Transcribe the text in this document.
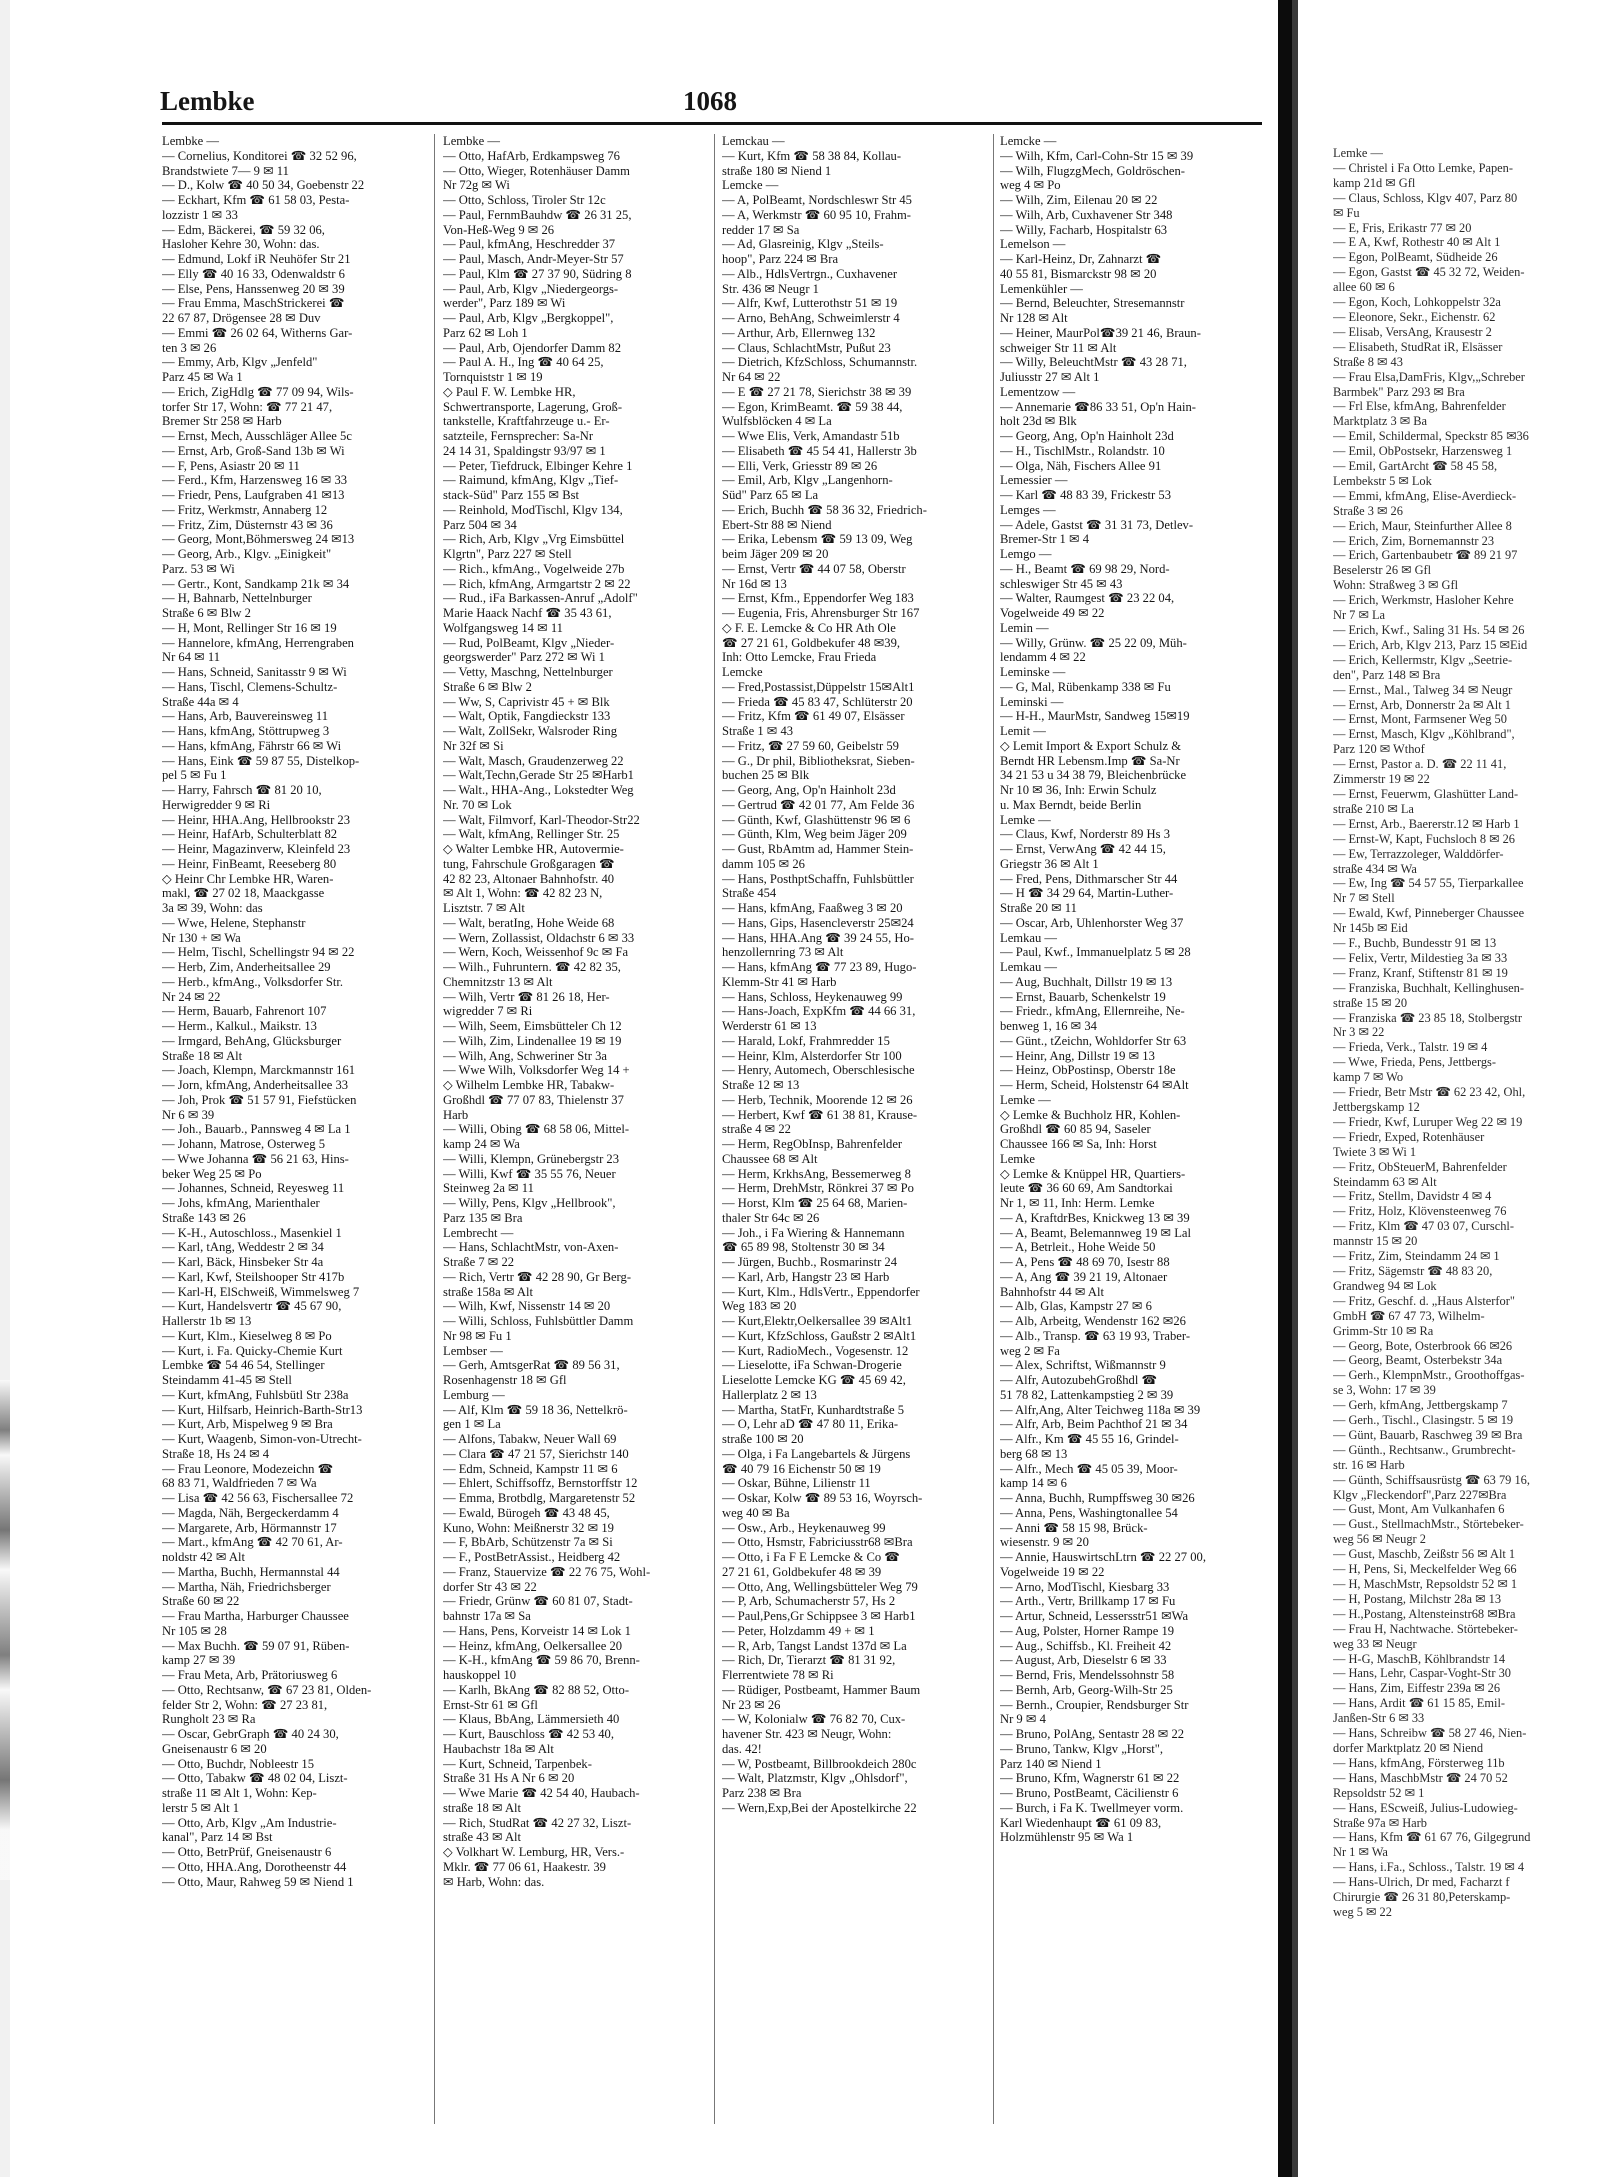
Lembke	1068
Lembke —
— Cornelius, Konditorei ☎ 32 52 96,
Brandstwiete 7— 9 ✉ 11
— D., Kolw ☎ 40 50 34, Goebenstr 22
— Eckhart, Kfm ☎ 61 58 03, Pesta-
lozzistr 1 ✉ 33
— Edm, Bäckerei, ☎ 59 32 06,
Hasloher Kehre 30, Wohn: das.
— Edmund, Lokf iR Neuhöfer Str 21
— Elly ☎ 40 16 33, Odenwaldstr 6
— Else, Pens, Hanssenweg 20 ✉ 39
— Frau Emma, MaschStrickerei ☎
22 67 87, Drögensee 28 ✉ Duv
— Emmi ☎ 26 02 64, Witherns Gar-
ten 3 ✉ 26
— Emmy, Arb, Klgv „Jenfeld"
Parz 45 ✉ Wa 1
— Erich, ZigHdlg ☎ 77 09 94, Wils-
torfer Str 17, Wohn: ☎ 77 21 47,
Bremer Str 258 ✉ Harb
— Ernst, Mech, Ausschläger Allee 5c
— Ernst, Arb, Groß-Sand 13b ✉ Wi
— F, Pens, Asiastr 20 ✉ 11
— Ferd., Kfm, Harzensweg 16 ✉ 33
— Friedr, Pens, Laufgraben 41 ✉13
— Fritz, Werkmstr, Annaberg 12
— Fritz, Zim, Düsternstr 43 ✉ 36
— Georg, Mont,Böhmersweg 24 ✉13
— Georg, Arb., Klgv. „Einigkeit"
Parz. 53 ✉ Wi
— Gertr., Kont, Sandkamp 21k ✉ 34
— H, Bahnarb, Nettelnburger
Straße 6 ✉ Blw 2
— H, Mont, Rellinger Str 16 ✉ 19
— Hannelore, kfmAng, Herrengraben
Nr 64 ✉ 11
— Hans, Schneid, Sanitasstr 9 ✉ Wi
— Hans, Tischl, Clemens-Schultz-
Straße 44a ✉ 4
— Hans, Arb, Bauvereinsweg 11
— Hans, kfmAng, Stöttrupweg 3
— Hans, kfmAng, Fährstr 66 ✉ Wi
— Hans, Eink ☎ 59 87 55, Distelkop-
pel 5 ✉ Fu 1
— Harry, Fahrsch ☎ 81 20 10,
Herwigredder 9 ✉ Ri
— Heinr, HHA.Ang, Hellbrookstr 23
— Heinr, HafArb, Schulterblatt 82
— Heinr, Magazinverw, Kleinfeld 23
— Heinr, FinBeamt, Reeseberg 80
◇ Heinr Chr Lembke HR, Waren-
makl, ☎ 27 02 18, Maackgasse
3a ✉ 39, Wohn: das
— Wwe, Helene, Stephanstr
Nr 130 + ✉ Wa
— Helm, Tischl, Schellingstr 94 ✉ 22
— Herb, Zim, Anderheitsallee 29
— Herb., kfmAng., Volksdorfer Str.
Nr 24 ✉ 22
— Herm, Bauarb, Fahrenort 107
— Herm., Kalkul., Maikstr. 13
— Irmgard, BehAng, Glücksburger
Straße 18 ✉ Alt
— Joach, Klempn, Marckmannstr 161
— Jorn, kfmAng, Anderheitsallee 33
— Joh, Prok ☎ 51 57 91, Fiefstücken
Nr 6 ✉ 39
— Joh., Bauarb., Pannsweg 4 ✉ La 1
— Johann, Matrose, Osterweg 5
— Wwe Johanna ☎ 56 21 63, Hins-
beker Weg 25 ✉ Po
— Johannes, Schneid, Reyesweg 11
— Johs, kfmAng, Marienthaler
Straße 143 ✉ 26
— K-H., Autoschloss., Masenkiel 1
— Karl, tAng, Weddestr 2 ✉ 34
— Karl, Bäck, Hinsbeker Str 4a
— Karl, Kwf, Steilshooper Str 417b
— Karl-H, ElSchweiß, Wimmelsweg 7
— Kurt, Handelsvertr ☎ 45 67 90,
Hallerstr 1b ✉ 13
— Kurt, Klm., Kieselweg 8 ✉ Po
— Kurt, i. Fa. Quicky-Chemie Kurt
Lembke ☎ 54 46 54, Stellinger
Steindamm 41-45 ✉ Stell
— Kurt, kfmAng, Fuhlsbütl Str 238a
— Kurt, Hilfsarb, Heinrich-Barth-Str13
— Kurt, Arb, Mispelweg 9 ✉ Bra
— Kurt, Waagenb, Simon-von-Utrecht-
Straße 18, Hs 24 ✉ 4
— Frau Leonore, Modezeichn ☎
68 83 71, Waldfrieden 7 ✉ Wa
— Lisa ☎ 42 56 63, Fischersallee 72
— Magda, Näh, Bergeckerdamm 4
— Margarete, Arb, Hörmannstr 17
— Mart., kfmAng ☎ 42 70 61, Ar-
noldstr 42 ✉ Alt
— Martha, Buchh, Hermannstal 44
— Martha, Näh, Friedrichsberger
Straße 60 ✉ 22
— Frau Martha, Harburger Chaussee
Nr 105 ✉ 28
— Max Buchh. ☎ 59 07 91, Rüben-
kamp 27 ✉ 39
— Frau Meta, Arb, Prätoriusweg 6
— Otto, Rechtsanw, ☎ 67 23 81, Olden-
felder Str 2, Wohn: ☎ 27 23 81,
Rungholt 23 ✉ Ra
— Oscar, GebrGraph ☎ 40 24 30,
Gneisenaustr 6 ✉ 20
— Otto, Buchdr, Nobleestr 15
— Otto, Tabakw ☎ 48 02 04, Liszt-
straße 11 ✉ Alt 1, Wohn: Kep-
lerstr 5 ✉ Alt 1
— Otto, Arb, Klgv „Am Industrie-
kanal", Parz 14 ✉ Bst
— Otto, BetrPrüf, Gneisenaustr 6
— Otto, HHA.Ang, Dorotheenstr 44
— Otto, Maur, Rahweg 59 ✉ Niend 1
Lembke —
— Otto, HafArb, Erdkampsweg 76
— Otto, Wieger, Rotenhäuser Damm
Nr 72g ✉ Wi
— Otto, Schloss, Tiroler Str 12c
— Paul, FernmBauhdw ☎ 26 31 25,
Von-Heß-Weg 9 ✉ 26
— Paul, kfmAng, Heschredder 37
— Paul, Masch, Andr-Meyer-Str 57
— Paul, Klm ☎ 27 37 90, Südring 8
— Paul, Arb, Klgv „Niedergeorgs-
werder", Parz 189 ✉ Wi
— Paul, Arb, Klgv „Bergkoppel",
Parz 62 ✉ Loh 1
— Paul, Arb, Ojendorfer Damm 82
— Paul A. H., Ing ☎ 40 64 25,
Tornquiststr 1 ✉ 19
◇ Paul F. W. Lembke HR,
Schwertransporte, Lagerung, Groß-
tankstelle, Kraftfahrzeuge u.- Er-
satzteile, Fernsprecher: Sa-Nr
24 14 31, Spaldingstr 93/97 ✉ 1
— Peter, Tiefdruck, Elbinger Kehre 1
— Raimund, kfmAng, Klgv „Tief-
stack-Süd" Parz 155 ✉ Bst
— Reinhold, ModTischl, Klgv 134,
Parz 504 ✉ 34
— Rich, Arb, Klgv „Vrg Eimsbüttel
Klgrtn", Parz 227 ✉ Stell
— Rich., kfmAng., Vogelweide 27b
— Rich, kfmAng, Armgartstr 2 ✉ 22
— Rud., iFa Barkassen-Anruf „Adolf"
Marie Haack Nachf ☎ 35 43 61,
Wolfgangsweg 14 ✉ 11
— Rud, PolBeamt, Klgv „Nieder-
georgswerder" Parz 272 ✉ Wi 1
— Vetty, Maschng, Nettelnburger
Straße 6 ✉ Blw 2
— Ww, S, Caprivistr 45 + ✉ Blk
— Walt, Optik, Fangdieckstr 133
— Walt, ZollSekr, Walsroder Ring
Nr 32f ✉ Si
— Walt, Masch, Graudenzerweg 22
— Walt,Techn,Gerade Str 25 ✉Harb1
— Walt., HHA-Ang., Lokstedter Weg
Nr. 70 ✉ Lok
— Walt, Filmvorf, Karl-Theodor-Str22
— Walt, kfmAng, Rellinger Str. 25
◇ Walter Lembke HR, Autovermie-
tung, Fahrschule Großgaragen ☎
42 82 23, Altonaer Bahnhofstr. 40
✉ Alt 1, Wohn: ☎ 42 82 23 N,
Lisztstr. 7 ✉ Alt
— Walt, beratIng, Hohe Weide 68
— Wern, Zollassist, Oldachstr 6 ✉ 33
— Wern, Koch, Weissenhof 9c ✉ Fa
— Wilh., Fuhruntern. ☎ 42 82 35,
Chemnitzstr 13 ✉ Alt
— Wilh, Vertr ☎ 81 26 18, Her-
wigredder 7 ✉ Ri
— Wilh, Seem, Eimsbütteler Ch 12
— Wilh, Zim, Lindenallee 19 ✉ 19
— Wilh, Ang, Schweriner Str 3a
— Wwe Wilh, Volksdorfer Weg 14 +
◇ Wilhelm Lembke HR, Tabakw-
Großhdl ☎ 77 07 83, Thielenstr 37
Harb
— Willi, Obing ☎ 68 58 06, Mittel-
kamp 24 ✉ Wa
— Willi, Klempn, Grünebergstr 23
— Willi, Kwf ☎ 35 55 76, Neuer
Steinweg 2a ✉ 11
— Willy, Pens, Klgv „Hellbrook",
Parz 135 ✉ Bra
Lembrecht —
— Hans, SchlachtMstr, von-Axen-
Straße 7 ✉ 22
— Rich, Vertr ☎ 42 28 90, Gr Berg-
straße 158a ✉ Alt
— Wilh, Kwf, Nissenstr 14 ✉ 20
— Willi, Schloss, Fuhlsbüttler Damm
Nr 98 ✉ Fu 1
Lembser —
— Gerh, AmtsgerRat ☎ 89 56 31,
Rosenhagenstr 18 ✉ Gfl
Lemburg —
— Alf, Klm ☎ 59 18 36, Nettelkrö-
gen 1 ✉ La
— Alfons, Tabakw, Neuer Wall 69
— Clara ☎ 47 21 57, Sierichstr 140
— Edm, Schneid, Kampstr 11 ✉ 6
— Ehlert, Schiffsoffz, Bernstorffstr 12
— Emma, Brotbdlg, Margaretenstr 52
— Ewald, Bürogeh ☎ 43 48 45,
Kuno, Wohn: Meißnerstr 32 ✉ 19
— F, BbArb, Schützenstr 7a ✉ Si
— F., PostBetrAssist., Heidberg 42
— Franz, Stauervize ☎ 22 76 75, Wohl-
dorfer Str 43 ✉ 22
— Friedr, Grünw ☎ 60 81 07, Stadt-
bahnstr 17a ✉ Sa
— Hans, Pens, Korveistr 14 ✉ Lok 1
— Heinz, kfmAng, Oelkersallee 20
— K-H., kfmAng ☎ 59 86 70, Brenn-
hauskoppel 10
— Karlh, BkAng ☎ 82 88 52, Otto-
Ernst-Str 61 ✉ Gfl
— Klaus, BbAng, Lämmersieth 40
— Kurt, Bauschloss ☎ 42 53 40,
Haubachstr 18a ✉ Alt
— Kurt, Schneid, Tarpenbek-
Straße 31 Hs A Nr 6 ✉ 20
— Wwe Marie ☎ 42 54 40, Haubach-
straße 18 ✉ Alt
— Rich, StudRat ☎ 42 27 32, Liszt-
straße 43 ✉ Alt
◇ Volkhart W. Lemburg, HR, Vers.-
Mklr. ☎ 77 06 61, Haakestr. 39
✉ Harb, Wohn: das.
Lemckau —
— Kurt, Kfm ☎ 58 38 84, Kollau-
straße 180 ✉ Niend 1
Lemcke —
— A, PolBeamt, Nordschleswr Str 45
— A, Werkmstr ☎ 60 95 10, Frahm-
redder 17 ✉ Sa
— Ad, Glasreinig, Klgv „Steils-
hoop", Parz 224 ✉ Bra
— Alb., HdlsVertrgn., Cuxhavener
Str. 436 ✉ Neugr 1
— Alfr, Kwf, Lutterothstr 51 ✉ 19
— Arno, BehAng, Schweimlerstr 4
— Arthur, Arb, Ellernweg 132
— Claus, SchlachtMstr, Pußut 23
— Dietrich, KfzSchloss, Schumannstr.
Nr 64 ✉ 22
— E ☎ 27 21 78, Sierichstr 38 ✉ 39
— Egon, KrimBeamt. ☎ 59 38 44,
Wulfsblöcken 4 ✉ La
— Wwe Elis, Verk, Amandastr 51b
— Elisabeth ☎ 45 54 41, Hallerstr 3b
— Elli, Verk, Griesstr 89 ✉ 26
— Emil, Arb, Klgv „Langenhorn-
Süd" Parz 65 ✉ La
— Erich, Buchh ☎ 58 36 32, Friedrich-
Ebert-Str 88 ✉ Niend
— Erika, Lebensm ☎ 59 13 09, Weg
beim Jäger 209 ✉ 20
— Ernst, Vertr ☎ 44 07 58, Oberstr
Nr 16d ✉ 13
— Ernst, Kfm., Eppendorfer Weg 183
— Eugenia, Fris, Ahrensburger Str 167
◇ F. E. Lemcke & Co HR Ath Ole
☎ 27 21 61, Goldbekufer 48 ✉39,
Inh: Otto Lemcke, Frau Frieda
Lemcke
— Fred,Postassist,Düppelstr 15✉Alt1
— Frieda ☎ 45 83 47, Schlüterstr 20
— Fritz, Kfm ☎ 61 49 07, Elsässer
Straße 1 ✉ 43
— Fritz, ☎ 27 59 60, Geibelstr 59
— G., Dr phil, Bibliotheksrat, Sieben-
buchen 25 ✉ Blk
— Georg, Ang, Op'n Hainholt 23d
— Gertrud ☎ 42 01 77, Am Felde 36
— Günth, Kwf, Glashüttenstr 96 ✉ 6
— Günth, Klm, Weg beim Jäger 209
— Gust, RbAmtm ad, Hammer Stein-
damm 105 ✉ 26
— Hans, PosthptSchaffn, Fuhlsbüttler
Straße 454
— Hans, kfmAng, Faaßweg 3 ✉ 20
— Hans, Gips, Hasencleverstr 25✉24
— Hans, HHA.Ang ☎ 39 24 55, Ho-
henzollernring 73 ✉ Alt
— Hans, kfmAng ☎ 77 23 89, Hugo-
Klemm-Str 41 ✉ Harb
— Hans, Schloss, Heykenauweg 99
— Hans-Joach, ExpKfm ☎ 44 66 31,
Werderstr 61 ✉ 13
— Harald, Lokf, Frahmredder 15
— Heinr, Klm, Alsterdorfer Str 100
— Henry, Automech, Oberschlesische
Straße 12 ✉ 13
— Herb, Technik, Moorende 12 ✉ 26
— Herbert, Kwf ☎ 61 38 81, Krause-
straße 4 ✉ 22
— Herm, RegObInsp, Bahrenfelder
Chaussee 68 ✉ Alt
— Herm, KrkhsAng, Bessemerweg 8
— Herm, DrehMstr, Rönkrei 37 ✉ Po
— Horst, Klm ☎ 25 64 68, Marien-
thaler Str 64c ✉ 26
— Joh., i Fa Wiering & Hannemann
☎ 65 89 98, Stoltenstr 30 ✉ 34
— Jürgen, Buchb., Rosmarinstr 24
— Karl, Arb, Hangstr 23 ✉ Harb
— Kurt, Klm., HdlsVertr., Eppendorfer
Weg 183 ✉ 20
— Kurt,Elektr,Oelkersallee 39 ✉Alt1
— Kurt, KfzSchloss, Gaußstr 2 ✉Alt1
— Kurt, RadioMech., Vogesenstr. 12
— Lieselotte, iFa Schwan-Drogerie
Lieselotte Lemcke KG ☎ 45 69 42,
Hallerplatz 2 ✉ 13
— Martha, StatFr, Kunhardtstraße 5
— O, Lehr aD ☎ 47 80 11, Erika-
straße 100 ✉ 20
— Olga, i Fa Langebartels & Jürgens
☎ 40 79 16 Eichenstr 50 ✉ 19
— Oskar, Bühne, Lilienstr 11
— Oskar, Kolw ☎ 89 53 16, Woyrsch-
weg 40 ✉ Ba
— Osw., Arb., Heykenauweg 99
— Otto, Hsmstr, Fabriciusstr68 ✉Bra
— Otto, i Fa F E Lemcke & Co ☎
27 21 61, Goldbekufer 48 ✉ 39
— Otto, Ang, Wellingsbütteler Weg 79
— P, Arb, Schumacherstr 57, Hs 2
— Paul,Pens,Gr Schippsee 3 ✉ Harb1
— Peter, Holzdamm 49 + ✉ 1
— R, Arb, Tangst Landst 137d ✉ La
— Rich, Dr, Tierarzt ☎ 81 31 92,
Flerrentwiete 78 ✉ Ri
— Rüdiger, Postbeamt, Hammer Baum
Nr 23 ✉ 26
— W, Kolonialw ☎ 76 82 70, Cux-
havener Str. 423 ✉ Neugr, Wohn:
das. 42!
— W, Postbeamt, Billbrookdeich 280c
— Walt, Platzmstr, Klgv „Ohlsdorf",
Parz 238 ✉ Bra
— Wern,Exp,Bei der Apostelkirche 22
Lemcke —
— Wilh, Kfm, Carl-Cohn-Str 15 ✉ 39
— Wilh, FlugzgMech, Goldröschen-
weg 4 ✉ Po
— Wilh, Zim, Eilenau 20 ✉ 22
— Wilh, Arb, Cuxhavener Str 348
— Willy, Facharb, Hospitalstr 63
Lemelson —
— Karl-Heinz, Dr, Zahnarzt ☎
40 55 81, Bismarckstr 98 ✉ 20
Lemenkühler —
— Bernd, Beleuchter, Stresemannstr
Nr 128 ✉ Alt
— Heiner, MaurPol☎39 21 46, Braun-
schweiger Str 11 ✉ Alt
— Willy, BeleuchtMstr ☎ 43 28 71,
Juliusstr 27 ✉ Alt 1
Lementzow —
— Annemarie ☎86 33 51, Op'n Hain-
holt 23d ✉ Blk
— Georg, Ang, Op'n Hainholt 23d
— H., TischlMstr., Rolandstr. 10
— Olga, Näh, Fischers Allee 91
Lemessier —
— Karl ☎ 48 83 39, Frickestr 53
Lemges —
— Adele, Gastst ☎ 31 31 73, Detlev-
Bremer-Str 1 ✉ 4
Lemgo —
— H., Beamt ☎ 69 98 29, Nord-
schleswiger Str 45 ✉ 43
— Walter, Raumgest ☎ 23 22 04,
Vogelweide 49 ✉ 22
Lemin —
— Willy, Grünw. ☎ 25 22 09, Müh-
lendamm 4 ✉ 22
Leminske —
— G, Mal, Rübenkamp 338 ✉ Fu
Leminski —
— H-H., MaurMstr, Sandweg 15✉19
Lemit —
◇ Lemit Import & Export Schulz &
Berndt HR Lebensm.Imp ☎ Sa-Nr
34 21 53 u 34 38 79, Bleichenbrücke
Nr 10 ✉ 36, Inh: Erwin Schulz
u. Max Berndt, beide Berlin
Lemke —
— Claus, Kwf, Norderstr 89 Hs 3
— Ernst, VerwAng ☎ 42 44 15,
Griegstr 36 ✉ Alt 1
— Fred, Pens, Dithmarscher Str 44
— H ☎ 34 29 64, Martin-Luther-
Straße 20 ✉ 11
— Oscar, Arb, Uhlenhorster Weg 37
Lemkau —
— Paul, Kwf., Immanuelplatz 5 ✉ 28
Lemkau —
— Aug, Buchhalt, Dillstr 19 ✉ 13
— Ernst, Bauarb, Schenkelstr 19
— Friedr., kfmAng, Ellernreihe, Ne-
benweg 1, 16 ✉ 34
— Günt., tZeichn, Wohldorfer Str 63
— Heinr, Ang, Dillstr 19 ✉ 13
— Heinz, ObPostinsp, Oberstr 18e
— Herm, Scheid, Holstenstr 64 ✉Alt
Lemke —
◇ Lemke & Buchholz HR, Kohlen-
Großhdl ☎ 60 85 94, Saseler
Chaussee 166 ✉ Sa, Inh: Horst
Lemke
◇ Lemke & Knüppel HR, Quartiers-
leute ☎ 36 60 69, Am Sandtorkai
Nr 1, ✉ 11, Inh: Herm. Lemke
— A, KraftdrBes, Knickweg 13 ✉ 39
— A, Beamt, Belemannweg 19 ✉ Lal
— A, Betrleit., Hohe Weide 50
— A, Pens ☎ 48 69 70, Isestr 88
— A, Ang ☎ 39 21 19, Altonaer
Bahnhofstr 44 ✉ Alt
— Alb, Glas, Kampstr 27 ✉ 6
— Alb, Arbeitg, Wendenstr 162 ✉26
— Alb., Transp. ☎ 63 19 93, Traber-
weg 2 ✉ Fa
— Alex, Schriftst, Wißmannstr 9
— Alfr, AutozubehGroßhdl ☎
51 78 82, Lattenkampstieg 2 ✉ 39
— Alfr,Ang, Alter Teichweg 118a ✉ 39
— Alfr, Arb, Beim Pachthof 21 ✉ 34
— Alfr., Km ☎ 45 55 16, Grindel-
berg 68 ✉ 13
— Alfr., Mech ☎ 45 05 39, Moor-
kamp 14 ✉ 6
— Anna, Buchh, Rumpffsweg 30 ✉26
— Anna, Pens, Washingtonallee 54
— Anni ☎ 58 15 98, Brück-
wiesenstr. 9 ✉ 20
— Annie, HauswirtschLtrn ☎ 22 27 00,
Vogelweide 19 ✉ 22
— Arno, ModTischl, Kiesbarg 33
— Arth., Vertr, Brillkamp 17 ✉ Fu
— Artur, Schneid, Lessersstr51 ✉Wa
— Aug, Polster, Horner Rampe 19
— Aug., Schiffsb., Kl. Freiheit 42
— August, Arb, Dieselstr 6 ✉ 33
— Bernd, Fris, Mendelssohnstr 58
— Bernh, Arb, Georg-Wilh-Str 25
— Bernh., Croupier, Rendsburger Str
Nr 9 ✉ 4
— Bruno, PolAng, Sentastr 28 ✉ 22
— Bruno, Tankw, Klgv „Horst",
Parz 140 ✉ Niend 1
— Bruno, Kfm, Wagnerstr 61 ✉ 22
— Bruno, PostBeamt, Cäcilienstr 6
— Burch, i Fa K. Twellmeyer vorm.
Karl Wiedenhaupt ☎ 61 09 83,
Holzmühlenstr 95 ✉ Wa 1
Lemke —
— Christel i Fa Otto Lemke, Papen-
kamp 21d ✉ Gfl
— Claus, Schloss, Klgv 407, Parz 80
✉ Fu
— E, Fris, Erikastr 77 ✉ 20
— E A, Kwf, Rothestr 40 ✉ Alt 1
— Egon, PolBeamt, Südheide 26
— Egon, Gastst ☎ 45 32 72, Weiden-
allee 60 ✉ 6
— Egon, Koch, Lohkoppelstr 32a
— Eleonore, Sekr., Eichenstr. 62
— Elisab, VersAng, Krausestr 2
— Elisabeth, StudRat iR, Elsässer
Straße 8 ✉ 43
— Frau Elsa,DamFris, Klgv,„Schreber
Barmbek" Parz 293 ✉ Bra
— Frl Else, kfmAng, Bahrenfelder
Marktplatz 3 ✉ Ba
— Emil, Schildermal, Speckstr 85 ✉36
— Emil, ObPostsekr, Harzensweg 1
— Emil, GartArcht ☎ 58 45 58,
Lembekstr 5 ✉ Lok
— Emmi, kfmAng, Elise-Averdieck-
Straße 3 ✉ 26
— Erich, Maur, Steinfurther Allee 8
— Erich, Zim, Bornemannstr 23
— Erich, Gartenbaubetr ☎ 89 21 97
Beselerstr 26 ✉ Gfl
Wohn: Straßweg 3 ✉ Gfl
— Erich, Werkmstr, Hasloher Kehre
Nr 7 ✉ La
— Erich, Kwf., Saling 31 Hs. 54 ✉ 26
— Erich, Arb, Klgv 213, Parz 15 ✉Eid
— Erich, Kellermstr, Klgv „Seetrie-
den", Parz 148 ✉ Bra
— Ernst., Mal., Talweg 34 ✉ Neugr
— Ernst, Arb, Donnerstr 2a ✉ Alt 1
— Ernst, Mont, Farmsener Weg 50
— Ernst, Masch, Klgv „Köhlbrand",
Parz 120 ✉ Wthof
— Ernst, Pastor a. D. ☎ 22 11 41,
Zimmerstr 19 ✉ 22
— Ernst, Feuerwm, Glashütter Land-
straße 210 ✉ La
— Ernst, Arb., Baererstr.12 ✉ Harb 1
— Ernst-W, Kapt, Fuchsloch 8 ✉ 26
— Ew, Terrazzoleger, Walddörfer-
straße 434 ✉ Wa
— Ew, Ing ☎ 54 57 55, Tierparkallee
Nr 7 ✉ Stell
— Ewald, Kwf, Pinneberger Chaussee
Nr 145b ✉ Eid
— F., Buchb, Bundesstr 91 ✉ 13
— Felix, Vertr, Mildestieg 3a ✉ 33
— Franz, Kranf, Stiftenstr 81 ✉ 19
— Franziska, Buchhalt, Kellinghusen-
straße 15 ✉ 20
— Franziska ☎ 23 85 18, Stolbergstr
Nr 3 ✉ 22
— Frieda, Verk., Talstr. 19 ✉ 4
— Wwe, Frieda, Pens, Jettbergs-
kamp 7 ✉ Wo
— Friedr, Betr Mstr ☎ 62 23 42, Ohl,
Jettbergskamp 12
— Friedr, Kwf, Luruper Weg 22 ✉ 19
— Friedr, Exped, Rotenhäuser
Twiete 3 ✉ Wi 1
— Fritz, ObSteuerM, Bahrenfelder
Steindamm 63 ✉ Alt
— Fritz, Stellm, Davidstr 4 ✉ 4
— Fritz, Holz, Klövensteenweg 76
— Fritz, Klm ☎ 47 03 07, Curschl-
mannstr 15 ✉ 20
— Fritz, Zim, Steindamm 24 ✉ 1
— Fritz, Sägemstr ☎ 48 83 20,
Grandweg 94 ✉ Lok
— Fritz, Geschf. d. „Haus Alsterfor"
GmbH ☎ 67 47 73, Wilhelm-
Grimm-Str 10 ✉ Ra
— Georg, Bote, Osterbrook 66 ✉26
— Georg, Beamt, Osterbekstr 34a
— Gerh., KlempnMstr., Groothoffgas-
se 3, Wohn: 17 ✉ 39
— Gerh, kfmAng, Jettbergskamp 7
— Gerh., Tischl., Clasingstr. 5 ✉ 19
— Günt, Bauarb, Raschweg 39 ✉ Bra
— Günth., Rechtsanw., Grumbrecht-
str. 16 ✉ Harb
— Günth, Schiffsausrüstg ☎ 63 79 16,
Klgv „Fleckendorf",Parz 227✉Bra
— Gust, Mont, Am Vulkanhafen 6
— Gust., StellmachMstr., Störtebeker-
weg 56 ✉ Neugr 2
— Gust, Maschb, Zeißstr 56 ✉ Alt 1
— H, Pens, Si, Meckelfelder Weg 66
— H, MaschMstr, Repsoldstr 52 ✉ 1
— H, Postang, Milchstr 28a ✉ 13
— H.,Postang, Altensteinstr68 ✉Bra
— Frau H, Nachtwache. Störtebeker-
weg 33 ✉ Neugr
— H-G, MaschB, Köhlbrandstr 14
— Hans, Lehr, Caspar-Voght-Str 30
— Hans, Zim, Eiffestr 239a ✉ 26
— Hans, Ardit ☎ 61 15 85, Emil-
Janßen-Str 6 ✉ 33
— Hans, Schreibw ☎ 58 27 46, Nien-
dorfer Marktplatz 20 ✉ Niend
— Hans, kfmAng, Försterweg 11b
— Hans, MaschbMstr ☎ 24 70 52
Repsoldstr 52 ✉ 1
— Hans, EScweiß, Julius-Ludowieg-
Straße 97a ✉ Harb
— Hans, Kfm ☎ 61 67 76, Gilgegrund
Nr 1 ✉ Wa
— Hans, i.Fa., Schloss., Talstr. 19 ✉ 4
— Hans-Ulrich, Dr med, Facharzt f
Chirurgie ☎ 26 31 80,Peterskamp-
weg 5 ✉ 22
